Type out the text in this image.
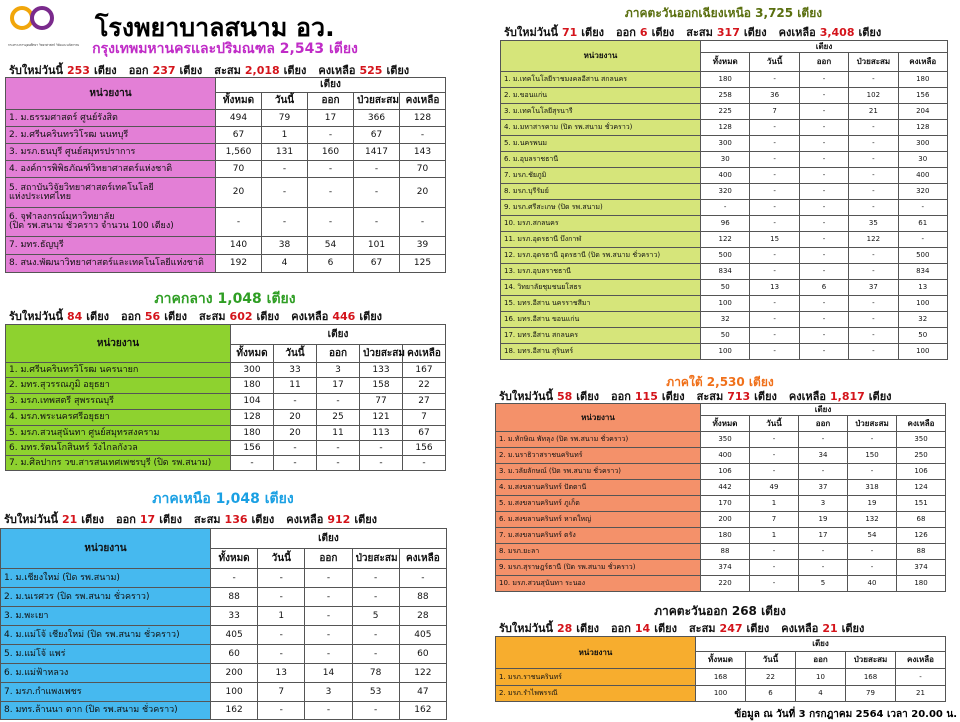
กระทรวงการอุดมศึกษา วิทยาศาสตร์ วิจัยและนวัตกรรม
โรงพยาบาลสนาม อว.
กรุงเทพมหานครและปริมณฑล 2,543 เตียง
รับใหม่วันนี้ 253 เตียง ออก 237 เตียง สะสม 2,018 เตียง คงเหลือ 525 เตียง
หน่วยงาน	เตียง				
	ทั้งหมด	วันนี้	ออก	ป่วยสะสม	คงเหลือ
1. ม.ธรรมศาสตร์ ศูนย์รังสิต	494	79	17	366	128
2. ม.ศรีนครินทรวิโรฒ นนทบุรี	67	1	-	67	-
3. มรภ.ธนบุรี ศูนย์สมุทรปราการ	1,560	131	160	1417	143
4. องค์การพิพิธภัณฑ์วิทยาศาสตร์แห่งชาติ	70	-	-	-	70
5. สถาบันวิจัยวิทยาศาสตร์เทคโนโลยี
แห่งประเทศไทย	20	-	-	-	20
6. จุฬาลงกรณ์มหาวิทยาลัย
(ปิด รพ.สนาม ชั่วคราว จำนวน 100 เตียง)	-	-	-	-	-
7. มทร.ธัญบุรี	140	38	54	101	39
8. สนง.พัฒนาวิทยาศาสตร์และเทคโนโลยีแห่งชาติ	192	4	6	67	125
ภาคกลาง 1,048 เตียง
รับใหม่วันนี้ 84 เตียง ออก 56 เตียง สะสม 602 เตียง คงเหลือ 446 เตียง
หน่วยงาน	เตียง				
	ทั้งหมด	วันนี้	ออก	ป่วยสะสม	คงเหลือ
1. ม.ศรีนครินทรวิโรฒ นครนายก	300	33	3	133	167
2. มทร.สุวรรณภูมิ อยุธยา	180	11	17	158	22
3. มรภ.เทพสตรี สุพรรณบุรี	104	-	-	77	27
4. มรภ.พระนครศรีอยุธยา	128	20	25	121	7
5. มรภ.สวนสุนันทา ศูนย์สมุทรสงคราม	180	20	11	113	67
6. มทร.รัตนโกสินทร์ วังไกลกังวล	156	-	-	-	156
7. ม.ศิลปากร วข.สารสนเทศเพชรบุรี (ปิด รพ.สนาม)	-	-	-	-	-
ภาคเหนือ 1,048 เตียง
รับใหม่วันนี้ 21 เตียง ออก 17 เตียง สะสม 136 เตียง คงเหลือ 912 เตียง
หน่วยงาน	เตียง				
	ทั้งหมด	วันนี้	ออก	ป่วยสะสม	คงเหลือ
1. ม.เชียงใหม่ (ปิด รพ.สนาม)	-	-	-	-	-
2. ม.นเรศวร (ปิด รพ.สนาม ชั่วคราว)	88	-	-	-	88
3. ม.พะเยา	33	1	-	5	28
4. ม.แม่โจ้ เชียงใหม่ (ปิด รพ.สนาม ชั่วคราว)	405	-	-	-	405
5. ม.แม่โจ้ แพร่	60	-	-	-	60
6. ม.แม่ฟ้าหลวง	200	13	14	78	122
7. มรภ.กำแพงเพชร	100	7	3	53	47
8. มทร.ล้านนา ตาก (ปิด รพ.สนาม ชั่วคราว)	162	-	-	-	162
ภาคตะวันออกเฉียงเหนือ 3,725 เตียง
รับใหม่วันนี้ 71 เตียง ออก 6 เตียง สะสม 317 เตียง คงเหลือ 3,408 เตียง
หน่วยงาน	เตียง				
	ทั้งหมด	วันนี้	ออก	ป่วยสะสม	คงเหลือ
1. ม.เทคโนโลยีราชมงคลอีสาน สกลนคร	180	-	-	-	180
2. ม.ขอนแก่น	258	36	-	102	156
3. ม.เทคโนโลยีสุรนารี	225	7	-	21	204
4. ม.มหาสารคาม (ปิด รพ.สนาม ชั่วคราว)	128	-	-	-	128
5. ม.นครพนม	300	-	-	-	300
6. ม.อุบลราชธานี	30	-	-	-	30
7. มรภ.ชัยภูมิ	400	-	-	-	400
8. มรภ.บุรีรัมย์	320	-	-	-	320
9. มรภ.ศรีสะเกษ (ปิด รพ.สนาม)	-	-	-	-	-
10. มรภ.สกลนคร	96	-	-	35	61
11. มรภ.อุดรธานี บึงกาฬ	122	15	-	122	-
12. มรภ.อุดรธานี อุดรธานี (ปิด รพ.สนาม ชั่วคราว)	500	-	-	-	500
13. มรภ.อุบลราชธานี	834	-	-	-	834
14. วิทยาลัยชุมชนยโสธร	50	13	6	37	13
15. มทร.อีสาน นครราชสีมา	100	-	-	-	100
16. มทร.อีสาน ขอนแก่น	32	-	-	-	32
17. มทร.อีสาน สกลนคร	50	-	-	-	50
18. มทร.อีสาน สุรินทร์	100	-	-	-	100
ภาคใต้ 2,530 เตียง
รับใหม่วันนี้ 58 เตียง ออก 115 เตียง สะสม 713 เตียง คงเหลือ 1,817 เตียง
หน่วยงาน	เตียง				
	ทั้งหมด	วันนี้	ออก	ป่วยสะสม	คงเหลือ
1. ม.ทักษิณ พัทลุง (ปิด รพ.สนาม ชั่วคราว)	350	-	-	-	350
2. ม.นราธิวาสราชนครินทร์	400	-	34	150	250
3. ม.วลัยลักษณ์ (ปิด รพ.สนาม ชั่วคราว)	106	-	-	-	106
4. ม.สงขลานครินทร์ ปัตตานี	442	49	37	318	124
5. ม.สงขลานครินทร์ ภูเก็ต	170	1	3	19	151
6. ม.สงขลานครินทร์ หาดใหญ่	200	7	19	132	68
7. ม.สงขลานครินทร์ ตรัง	180	1	17	54	126
8. มรภ.ยะลา	88	-	-	-	88
9. มรภ.สุราษฎร์ธานี (ปิด รพ.สนาม ชั่วคราว)	374	-	-	-	374
10. มรภ.สวนสุนันทา ระนอง	220	-	5	40	180
ภาคตะวันออก 268 เตียง
รับใหม่วันนี้ 28 เตียง ออก 14 เตียง สะสม 247 เตียง คงเหลือ 21 เตียง
หน่วยงาน	เตียง				
	ทั้งหมด	วันนี้	ออก	ป่วยสะสม	คงเหลือ
1. มรภ.ราชนครินทร์	168	22	10	168	-
2. มรภ.รำไพพรรณี	100	6	4	79	21
ข้อมูล ณ วันที่ 3 กรกฎาคม 2564 เวลา 20.00 น.
